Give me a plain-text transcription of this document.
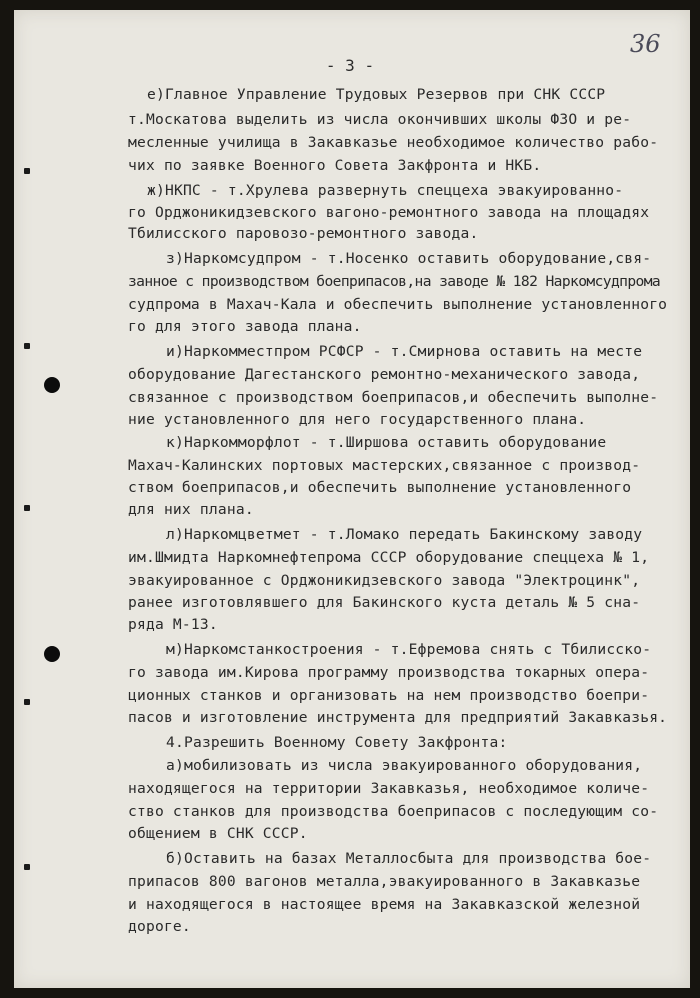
36
- 3 -
е)Главное Управление Трудовых Резервов при СНК СССР
т.Москатова выделить из числа окончивших школы ФЗО и ре-
месленные училища в Закавказье необходимое количество рабо-
чих по заявке Военного Совета Закфронта и НКБ.
ж)НКПС - т.Хрулева развернуть спеццеха эвакуированно-
го Орджоникидзевского вагоно-ремонтного завода на площадях
Тбилисского паровозо-ремонтного завода.
з)Наркомсудпром - т.Носенко оставить оборудование,свя-
занное с производством боеприпасов,на заводе № 182 Наркомсудпрома
судпрома в Махач-Кала и обеспечить выполнение установленного
го для этого завода плана.
и)Наркомместпром РСФСР - т.Смирнова оставить на месте
оборудование Дагестанского ремонтно-механического завода,
связанное с производством боеприпасов,и обеспечить выполне-
ние установленного для него государственного плана.
к)Наркомморфлот - т.Ширшова оставить оборудование
Махач-Калинских портовых мастерских,связанное с производ-
ством боеприпасов,и обеспечить выполнение установленного
для них плана.
л)Наркомцветмет - т.Ломако передать Бакинскому заводу
им.Шмидта Наркомнефтепрома СССР оборудование спеццеха № 1,
эвакуированное с Орджоникидзевского завода "Электроцинк",
ранее изготовлявшего для Бакинского куста деталь № 5 сна-
ряда М-13.
м)Наркомстанкостроения - т.Ефремова снять с Тбилисско-
го завода им.Кирова программу производства токарных опера-
ционных станков и организовать на нем производство боепри-
пасов и изготовление инструмента для предприятий Закавказья.
4.Разрешить Военному Совету Закфронта:
а)мобилизовать из числа эвакуированного оборудования,
находящегося на территории Закавказья, необходимое количе-
ство станков для производства боеприпасов с последующим со-
общением в СНК СССР.
б)Оставить на базах Металлосбыта для производства бое-
припасов 800 вагонов металла,эвакуированного в Закавказье
и находящегося в настоящее время на Закавказской железной
дороге.
